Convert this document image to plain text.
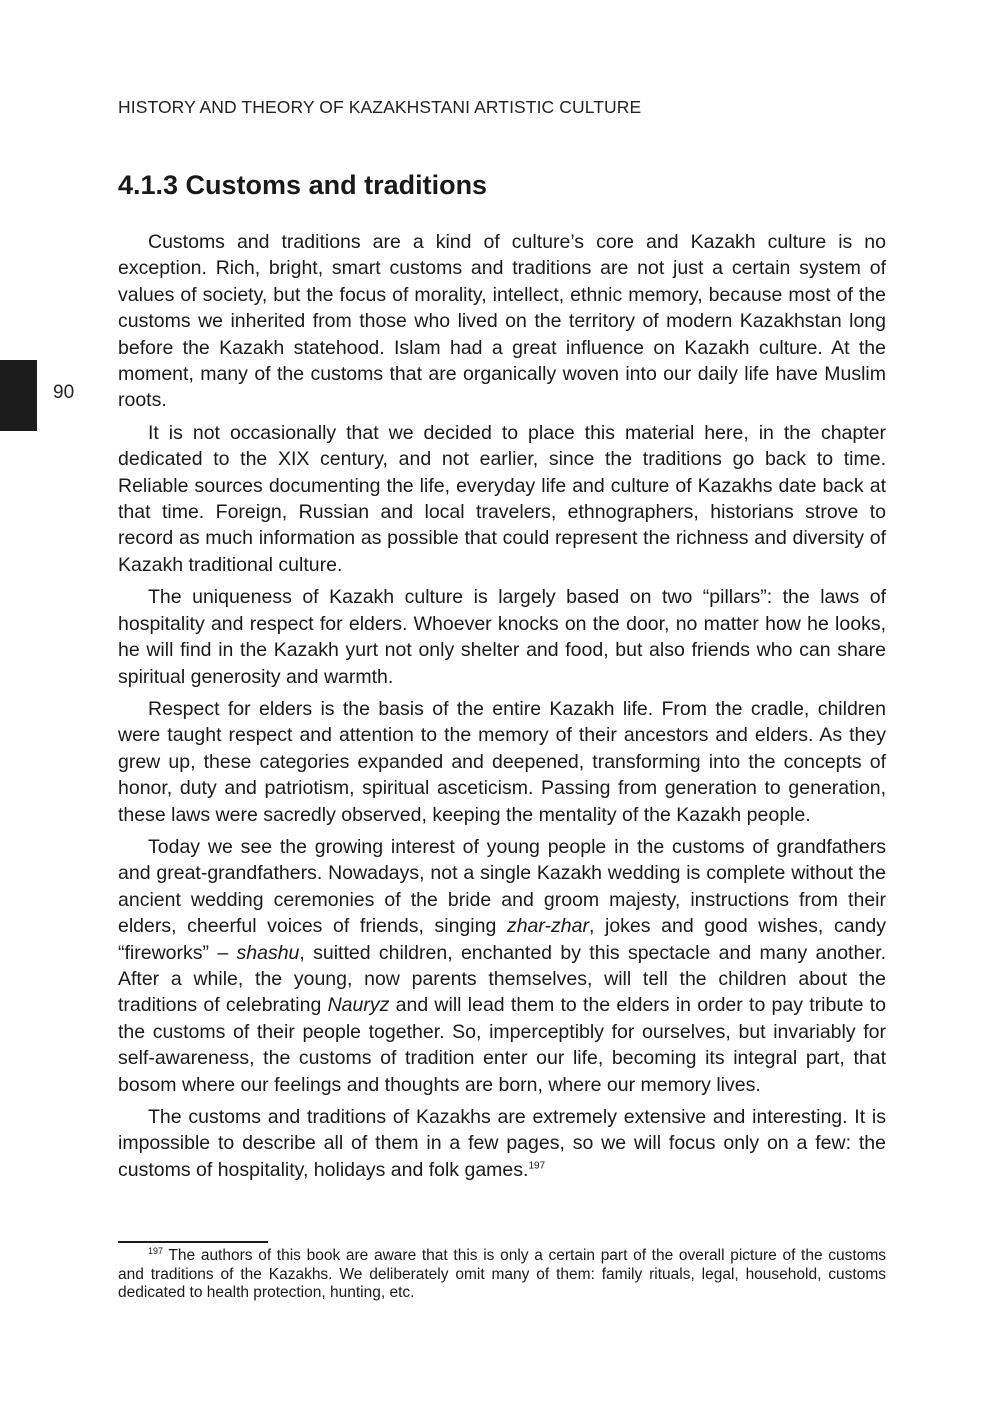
HISTORY AND THEORY OF KAZAKHSTANI ARTISTIC CULTURE
4.1.3 Customs and traditions
90

Customs and traditions are a kind of culture’s core and Kazakh culture is no exception. Rich, bright, smart customs and traditions are not just a certain system of values of society, but the focus of morality, intellect, ethnic memory, because most of the customs we inherited from those who lived on the territory of modern Kazakhstan long before the Kazakh statehood. Islam had a great influence on Kazakh culture. At the moment, many of the customs that are organically woven into our daily life have Muslim roots.

It is not occasionally that we decided to place this material here, in the chapter dedicated to the XIX century, and not earlier, since the traditions go back to time. Reliable sources documenting the life, everyday life and culture of Kazakhs date back at that time. Foreign, Russian and local travelers, ethnographers, historians strove to record as much information as possible that could represent the richness and diversity of Kazakh traditional culture.

The uniqueness of Kazakh culture is largely based on two “pillars”: the laws of hospitality and respect for elders. Whoever knocks on the door, no matter how he looks, he will find in the Kazakh yurt not only shelter and food, but also friends who can share spiritual generosity and warmth.

Respect for elders is the basis of the entire Kazakh life. From the cradle, children were taught respect and attention to the memory of their ancestors and elders. As they grew up, these categories expanded and deepened, transforming into the concepts of honor, duty and patriotism, spiritual asceticism. Passing from generation to generation, these laws were sacredly observed, keeping the mentality of the Kazakh people.

Today we see the growing interest of young people in the customs of grandfathers and great-grandfathers. Nowadays, not a single Kazakh wedding is complete without the ancient wedding ceremonies of the bride and groom majesty, instructions from their elders, cheerful voices of friends, singing zhar-zhar, jokes and good wishes, candy “fireworks” – shashu, suitted children, enchanted by this spectacle and many another. After a while, the young, now parents themselves, will tell the children about the traditions of celebrating Nauryz and will lead them to the elders in order to pay tribute to the customs of their people together. So, imperceptibly for ourselves, but invariably for self-awareness, the customs of tradition enter our life, becoming its integral part, that bosom where our feelings and thoughts are born, where our memory lives.

The customs and traditions of Kazakhs are extremely extensive and interesting. It is impossible to describe all of them in a few pages, so we will focus only on a few: the customs of hospitality, holidays and folk games.$^{197}$

$^{197}$ The authors of this book are aware that this is only a certain part of the overall picture of the customs and traditions of the Kazakhs. We deliberately omit many of them: family rituals, legal, household, customs dedicated to health protection, hunting, etc.
